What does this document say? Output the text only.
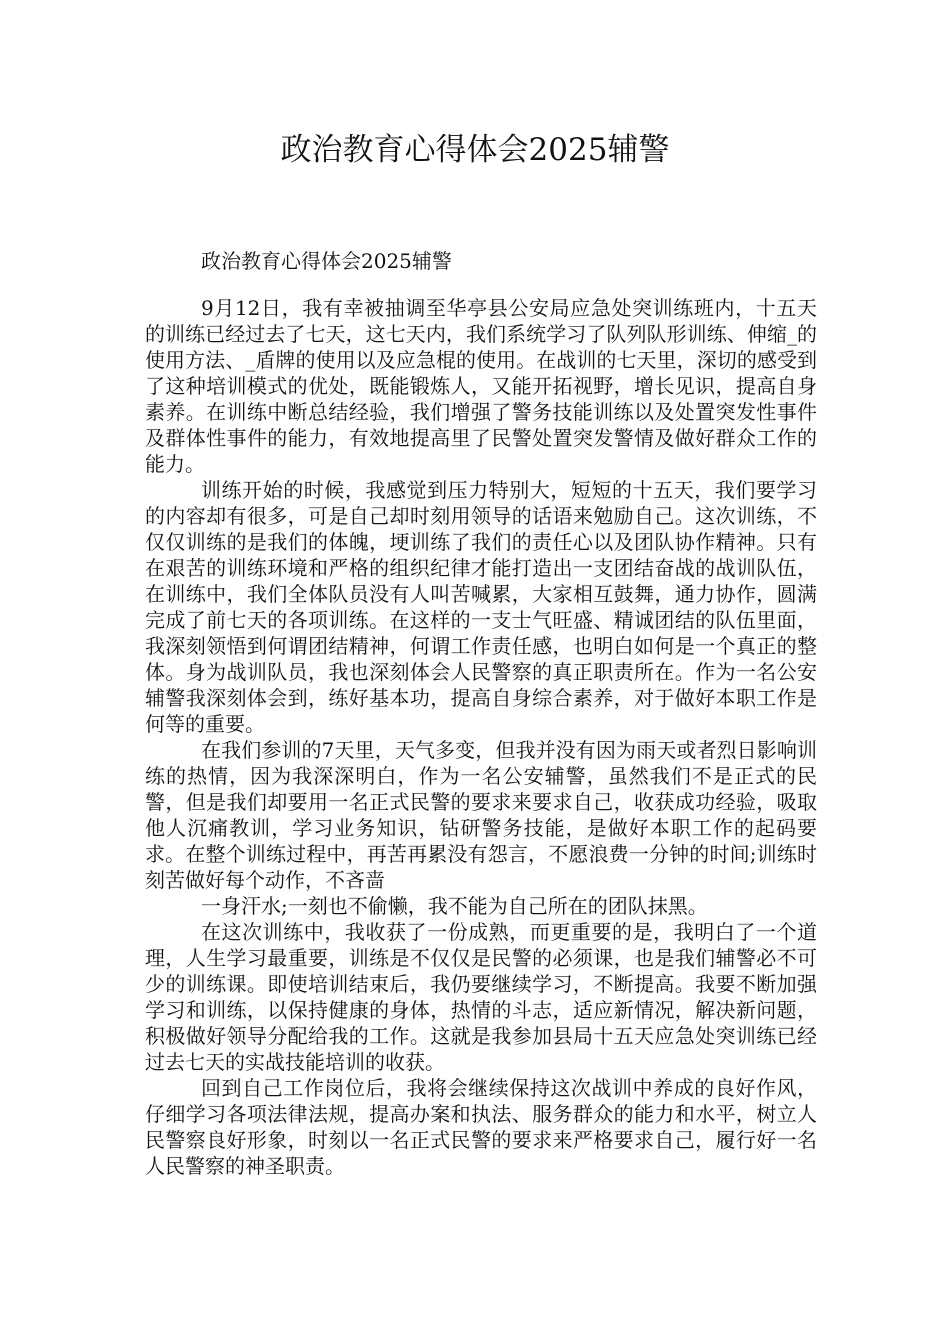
政治教育心得体会2025辅警

政治教育心得体会2025辅警

9月12日，我有幸被抽调至华亭县公安局应急处突训练班内，十五天的训练已经过去了七天，这七天内，我们系统学习了队列队形训练、伸缩_的使用方法、_盾牌的使用以及应急棍的使用。在战训的七天里，深切的感受到了这种培训模式的优处，既能锻炼人，又能开拓视野，增长见识，提高自身素养。在训练中断总结经验，我们增强了警务技能训练以及处置突发性事件及群体性事件的能力，有效地提高里了民警处置突发警情及做好群众工作的能力。

训练开始的时候，我感觉到压力特别大，短短的十五天，我们要学习的内容却有很多，可是自己却时刻用领导的话语来勉励自己。这次训练，不仅仅训练的是我们的体魄，埂训练了我们的责任心以及团队协作精神。只有在艰苦的训练环境和严格的组织纪律才能打造出一支团结奋战的战训队伍，在训练中，我们全体队员没有人叫苦喊累，大家相互鼓舞，通力协作，圆满完成了前七天的各项训练。在这样的一支士气旺盛、精诚团结的队伍里面，我深刻领悟到何谓团结精神，何谓工作责任感，也明白如何是一个真正的整体。身为战训队员，我也深刻体会人民警察的真正职责所在。作为一名公安辅警我深刻体会到，练好基本功，提高自身综合素养，对于做好本职工作是何等的重要。

在我们参训的7天里，天气多变，但我并没有因为雨天或者烈日影响训练的热情，因为我深深明白，作为一名公安辅警，虽然我们不是正式的民警，但是我们却要用一名正式民警的要求来要求自己，收获成功经验，吸取他人沉痛教训，学习业务知识，钻研警务技能，是做好本职工作的起码要求。在整个训练过程中，再苦再累没有怨言，不愿浪费一分钟的时间;训练时刻苦做好每个动作，不吝啬

一身汗水;一刻也不偷懒，我不能为自己所在的团队抹黑。

在这次训练中，我收获了一份成熟，而更重要的是，我明白了一个道理，人生学习最重要，训练是不仅仅是民警的必须课，也是我们辅警必不可少的训练课。即使培训结束后，我仍要继续学习，不断提高。我要不断加强学习和训练，以保持健康的身体，热情的斗志，适应新情况，解决新问题，积极做好领导分配给我的工作。这就是我参加县局十五天应急处突训练已经过去七天的实战技能培训的收获。

回到自己工作岗位后，我将会继续保持这次战训中养成的良好作风，仔细学习各项法律法规，提高办案和执法、服务群众的能力和水平，树立人民警察良好形象，时刻以一名正式民警的要求来严格要求自己，履行好一名人民警察的神圣职责。
